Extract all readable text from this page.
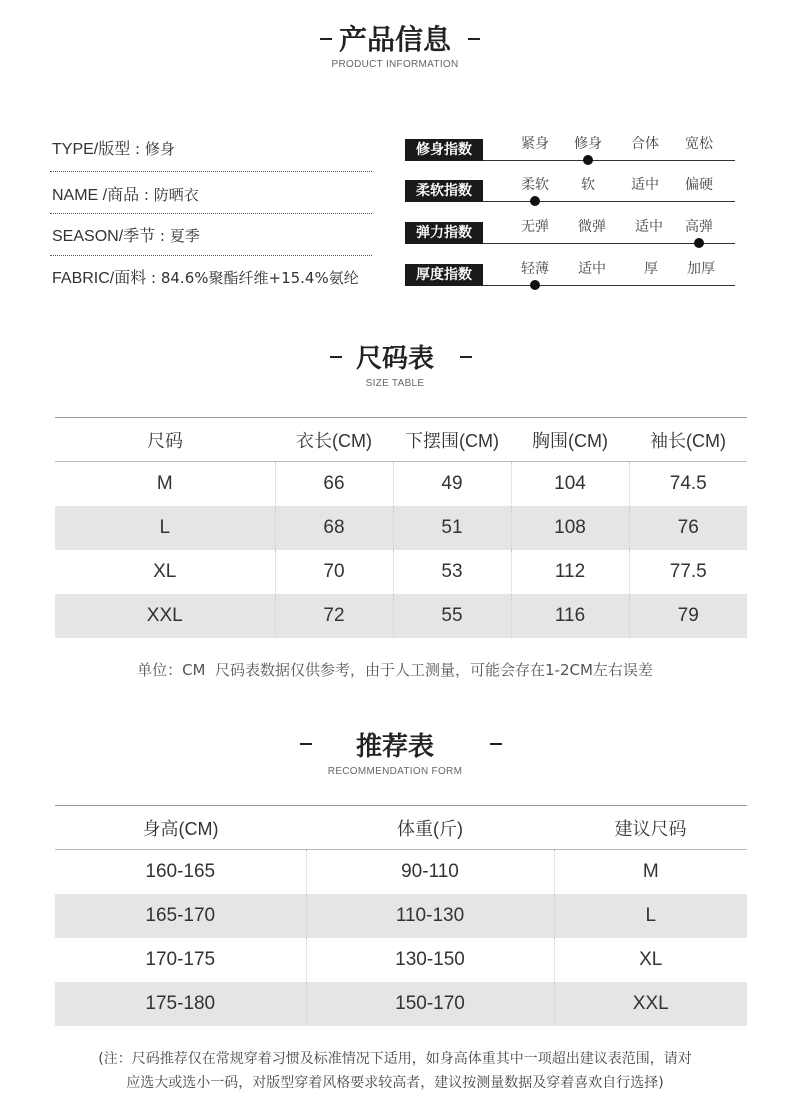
产品信息
PRODUCT INFORMATION
TYPE/版型 : 修身
NAME /商品 : 防晒衣
SEASON/季节 : 夏季
FABRIC/面料 : 84.6%聚酯纤维+15.4%氨纶
修身指数	紧身	修身	合体	宽松
柔软指数	柔软	软	适中	偏硬
弹力指数	无弹	微弹	适中	高弹
厚度指数	轻薄	适中	厚	加厚
尺码表
SIZE TABLE
尺码	衣长(CM)	下摆围(CM)	胸围(CM)	袖长(CM)
M	66	49	104	74.5
L	68	51	108	76
XL	70	53	112	77.5
XXL	72	55	116	79
单位：CM  尺码表数据仅供参考，由于人工测量，可能会存在1-2CM左右误差
推荐表
RECOMMENDATION FORM
身高(CM)	体重(斤)	建议尺码
160-165	90-110	M
165-170	110-130	L
170-175	130-150	XL
175-180	150-170	XXL
(注：尺码推荐仅在常规穿着习惯及标准情况下适用，如身高体重其中一项超出建议表范围，请对
应选大或选小一码，对版型穿着风格要求较高者，建议按测量数据及穿着喜欢自行选择)
